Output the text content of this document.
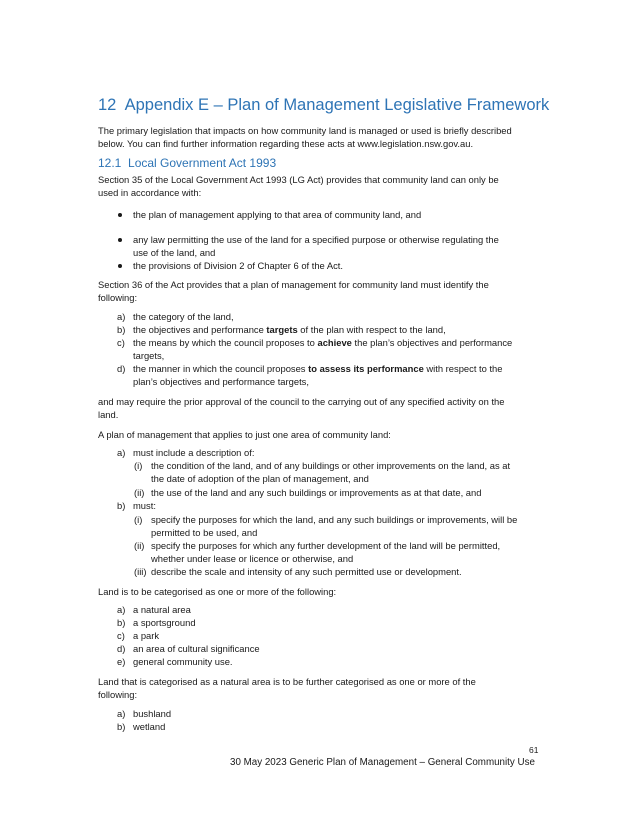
12 Appendix E – Plan of Management Legislative Framework
The primary legislation that impacts on how community land is managed or used is briefly described
below. You can find further information regarding these acts at www.legislation.nsw.gov.au.
12.1 Local Government Act 1993
Section 35 of the Local Government Act 1993 (LG Act) provides that community land can only be
used in accordance with:
the plan of management applying to that area of community land, and
any law permitting the use of the land for a specified purpose or otherwise regulating the
use of the land, and
the provisions of Division 2 of Chapter 6 of the Act.
Section 36 of the Act provides that a plan of management for community land must identify the
following:
a) the category of the land,
b) the objectives and performance targets of the plan with respect to the land,
c) the means by which the council proposes to achieve the plan’s objectives and performance
targets,
d) the manner in which the council proposes to assess its performance with respect to the
plan’s objectives and performance targets,
and may require the prior approval of the council to the carrying out of any specified activity on the
land.
A plan of management that applies to just one area of community land:
a) must include a description of:
(i) the condition of the land, and of any buildings or other improvements on the land, as at
the date of adoption of the plan of management, and
(ii) the use of the land and any such buildings or improvements as at that date, and
b) must:
(i) specify the purposes for which the land, and any such buildings or improvements, will be
permitted to be used, and
(ii) specify the purposes for which any further development of the land will be permitted,
whether under lease or licence or otherwise, and
(iii) describe the scale and intensity of any such permitted use or development.
Land is to be categorised as one or more of the following:
a) a natural area
b) a sportsground
c) a park
d) an area of cultural significance
e) general community use.
Land that is categorised as a natural area is to be further categorised as one or more of the
following:
a) bushland
b) wetland
61
30 May 2023 Generic Plan of Management – General Community Use
